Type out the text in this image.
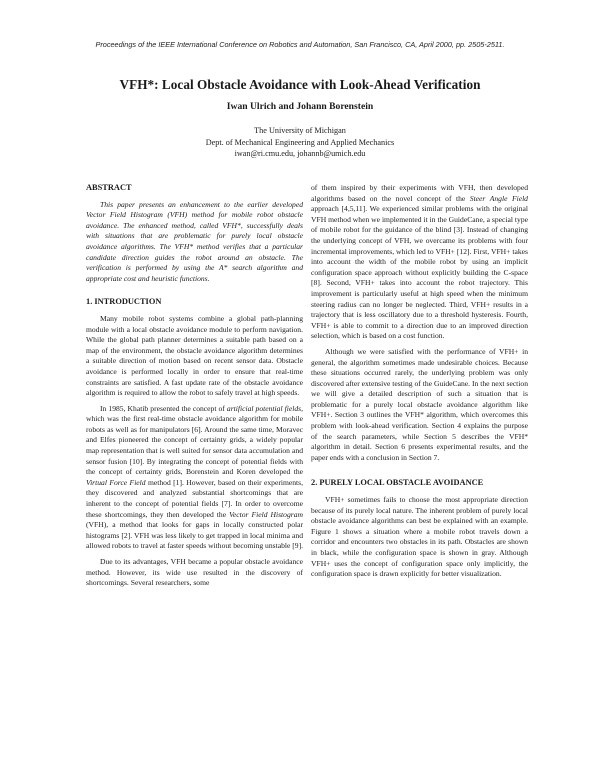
Proceedings of the IEEE International Conference on Robotics and Automation, San Francisco, CA, April 2000, pp. 2505-2511.
VFH*: Local Obstacle Avoidance with Look-Ahead Verification
Iwan Ulrich and Johann Borenstein
The University of Michigan
Dept. of Mechanical Engineering and Applied Mechanics
iwan@ri.cmu.edu, johannb@umich.edu
ABSTRACT

This paper presents an enhancement to the earlier developed Vector Field Histogram (VFH) method for mobile robot obstacle avoidance. The enhanced method, called VFH*, successfully deals with situations that are problematic for purely local obstacle avoidance algorithms. The VFH* method verifies that a particular candidate direction guides the robot around an obstacle. The verification is performed by using the A* search algorithm and appropriate cost and heuristic functions.

1. INTRODUCTION

Many mobile robot systems combine a global path-planning module with a local obstacle avoidance module to perform navigation. While the global path planner determines a suitable path based on a map of the environment, the obstacle avoidance algorithm determines a suitable direction of motion based on recent sensor data. Obstacle avoidance is performed locally in order to ensure that real-time constraints are satisfied. A fast update rate of the obstacle avoidance algorithm is required to allow the robot to safely travel at high speeds.

In 1985, Khatib presented the concept of artificial potential fields, which was the first real-time obstacle avoidance algorithm for mobile robots as well as for manipulators [6]. Around the same time, Moravec and Elfes pioneered the concept of certainty grids, a widely popular map representation that is well suited for sensor data accumulation and sensor fusion [10]. By integrating the concept of potential fields with the concept of certainty grids, Borenstein and Koren developed the Virtual Force Field method [1]. However, based on their experiments, they discovered and analyzed substantial shortcomings that are inherent to the concept of potential fields [7]. In order to overcome these shortcomings, they then developed the Vector Field Histogram (VFH), a method that looks for gaps in locally constructed polar histograms [2]. VFH was less likely to get trapped in local minima and allowed robots to travel at faster speeds without becoming unstable [9].

Due to its advantages, VFH became a popular obstacle avoidance method. However, its wide use resulted in the discovery of shortcomings. Several researchers, some

of them inspired by their experiments with VFH, then developed algorithms based on the novel concept of the Steer Angle Field approach [4,5,11]. We experienced similar problems with the original VFH method when we implemented it in the GuideCane, a special type of mobile robot for the guidance of the blind [3]. Instead of changing the underlying concept of VFH, we overcame its problems with four incremental improvements, which led to VFH+ [12]. First, VFH+ takes into account the width of the mobile robot by using an implicit configuration space approach without explicitly building the C-space [8]. Second, VFH+ takes into account the robot trajectory. This improvement is particularly useful at high speed when the minimum steering radius can no longer be neglected. Third, VFH+ results in a trajectory that is less oscillatory due to a threshold hysteresis. Fourth, VFH+ is able to commit to a direction due to an improved direction selection, which is based on a cost function.

Although we were satisfied with the performance of VFH+ in general, the algorithm sometimes made undesirable choices. Because these situations occurred rarely, the underlying problem was only discovered after extensive testing of the GuideCane. In the next section we will give a detailed description of such a situation that is problematic for a purely local obstacle avoidance algorithm like VFH+. Section 3 outlines the VFH* algorithm, which overcomes this problem with look-ahead verification. Section 4 explains the purpose of the search parameters, while Section 5 describes the VFH* algorithm in detail. Section 6 presents experimental results, and the paper ends with a conclusion in Section 7.

2. PURELY LOCAL OBSTACLE AVOIDANCE

VFH+ sometimes fails to choose the most appropriate direction because of its purely local nature. The inherent problem of purely local obstacle avoidance algorithms can best be explained with an example. Figure 1 shows a situation where a mobile robot travels down a corridor and encounters two obstacles in its path. Obstacles are shown in black, while the configuration space is shown in gray. Although VFH+ uses the concept of configuration space only implicitly, the configuration space is drawn explicitly for better visualization.
